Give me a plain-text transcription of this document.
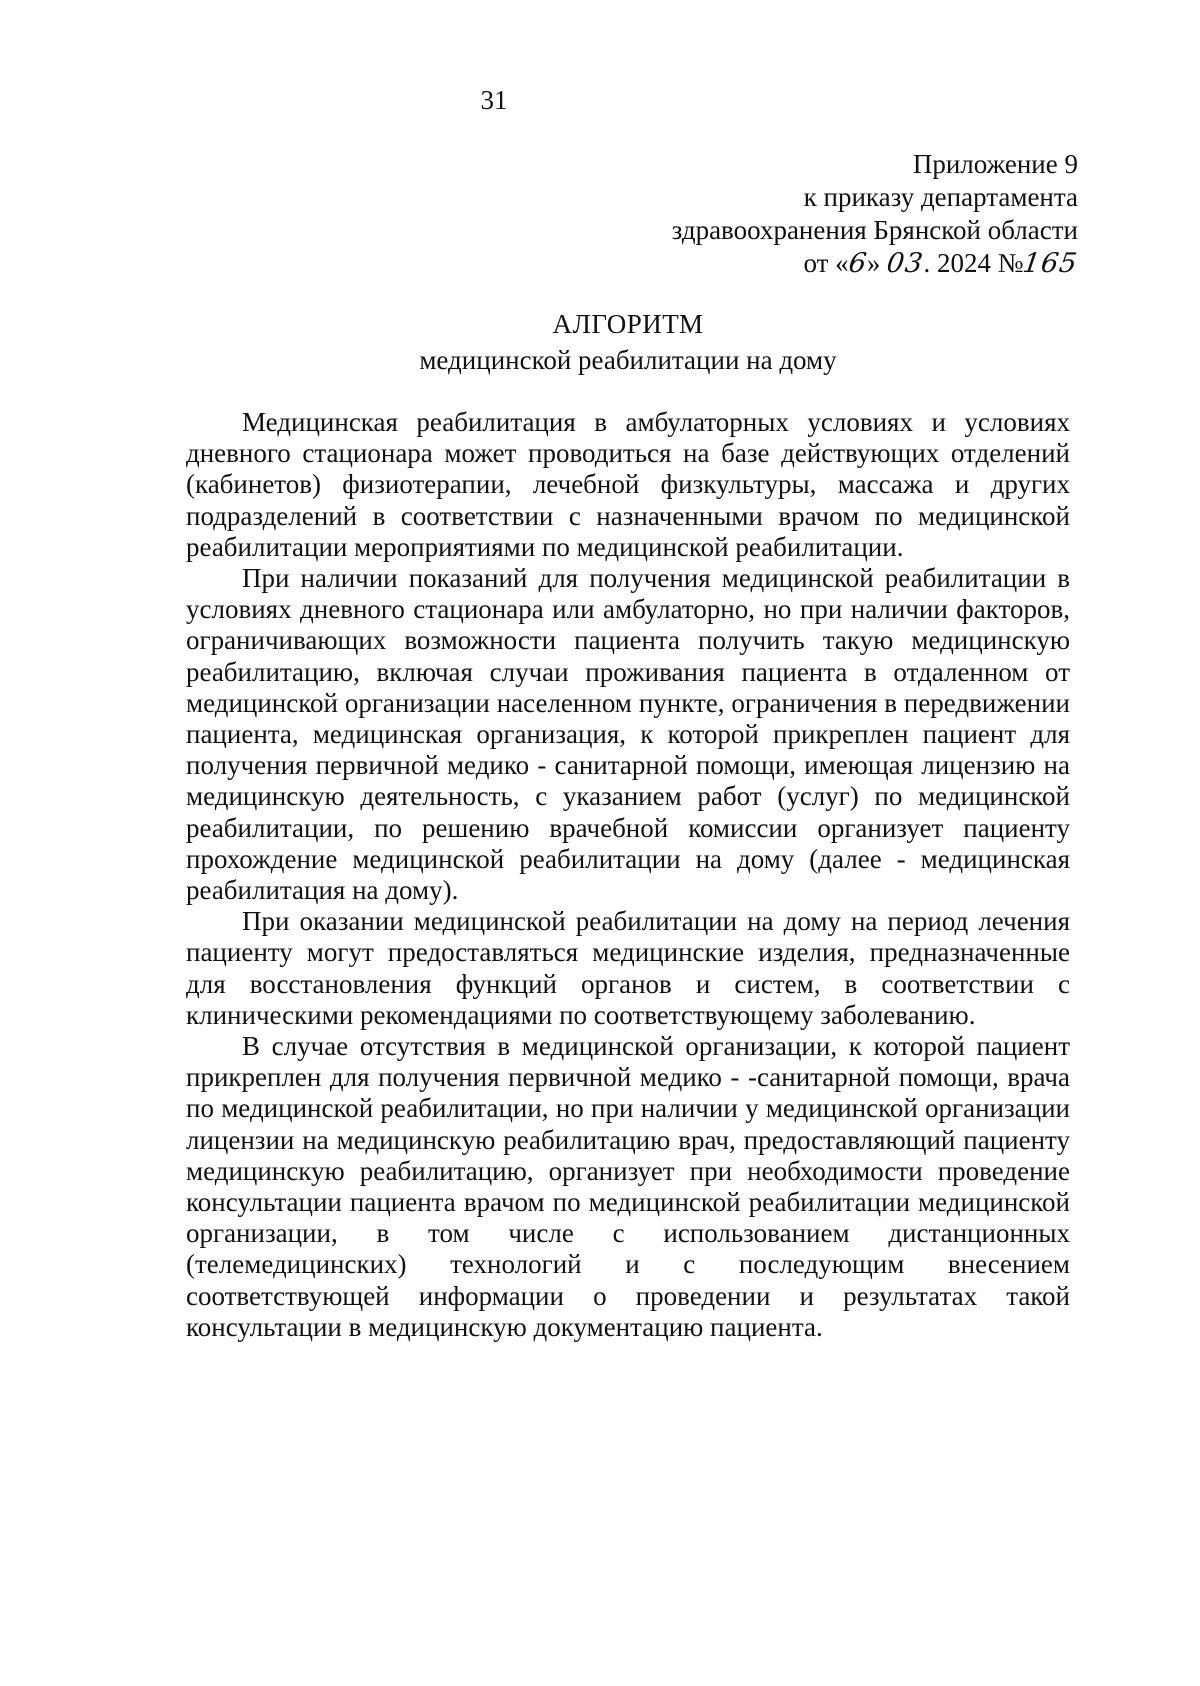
31
Приложение 9
к приказу департамента
здравоохранения Брянской области
от «6» 03. 2024 №165
АЛГОРИТМ
медицинской реабилитации на дому

Медицинская реабилитация в амбулаторных условиях и условиях дневного стационара может проводиться на базе действующих отделений (кабинетов) физиотерапии, лечебной физкультуры, массажа и других подразделений в соответствии с назначенными врачом по медицинской реабилитации мероприятиями по медицинской реабилитации.

При наличии показаний для получения медицинской реабилитации в условиях дневного стационара или амбулаторно, но при наличии факторов, ограничивающих возможности пациента получить такую медицинскую реабилитацию, включая случаи проживания пациента в отдаленном от медицинской организации населенном пункте, ограничения в передвижении пациента, медицинская организация, к которой прикреплен пациент для получения первичной медико - санитарной помощи, имеющая лицензию на медицинскую деятельность, с указанием работ (услуг) по медицинской реабилитации, по решению врачебной комиссии организует пациенту прохождение медицинской реабилитации на дому (далее - медицинская реабилитация на дому).

При оказании медицинской реабилитации на дому на период лечения пациенту могут предоставляться медицинские изделия, предназначенные для восстановления функций органов и систем, в соответствии с клиническими рекомендациями по соответствующему заболеванию.

В случае отсутствия в медицинской организации, к которой пациент прикреплен для получения первичной медико - -санитарной помощи, врача по медицинской реабилитации, но при наличии у медицинской организации лицензии на медицинскую реабилитацию врач, предоставляющий пациенту медицинскую реабилитацию, организует при необходимости проведение консультации пациента врачом по медицинской реабилитации медицинской организации, в том числе с использованием дистанционных (телемедицинских) технологий и с последующим внесением соответствующей информации о проведении и результатах такой консультации в медицинскую документацию пациента.
